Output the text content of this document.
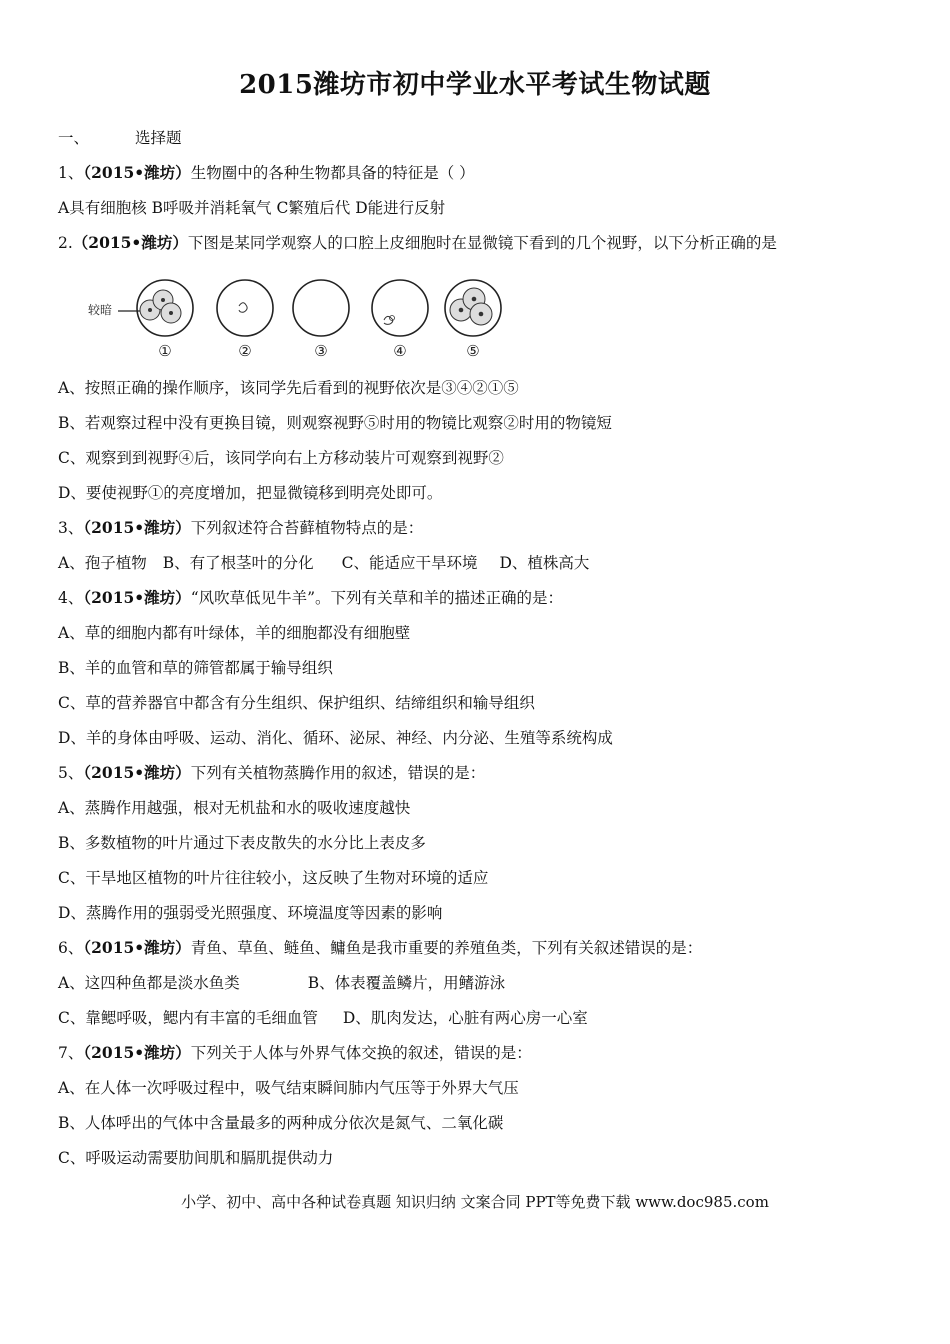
2015潍坊市初中学业水平考试生物试题
一、	选择题
1、（2015•潍坊）生物圈中的各种生物都具备的特征是（ ）
A具有细胞核 B呼吸并消耗氧气 C繁殖后代 D能进行反射
2.（2015•潍坊）下图是某同学观察人的口腔上皮细胞时在显微镜下看到的几个视野，以下分析正确的是
较暗
①	②	③	④	⑤
A、按照正确的操作顺序，该同学先后看到的视野依次是③④②①⑤
B、若观察过程中没有更换目镜，则观察视野⑤时用的物镜比观察②时用的物镜短
C、观察到到视野④后，该同学向右上方移动装片可观察到视野②
D、要使视野①的亮度增加，把显微镜移到明亮处即可。
3、（2015•潍坊）下列叙述符合苔藓植物特点的是：
A、孢子植物 B、有了根茎叶的分化 C、能适应干旱环境 D、植株高大
4、（2015•潍坊）“风吹草低见牛羊”。下列有关草和羊的描述正确的是：
A、草的细胞内都有叶绿体，羊的细胞都没有细胞壁
B、羊的血管和草的筛管都属于输导组织
C、草的营养器官中都含有分生组织、保护组织、结缔组织和输导组织
D、羊的身体由呼吸、运动、消化、循环、泌尿、神经、内分泌、生殖等系统构成
5、（2015•潍坊）下列有关植物蒸腾作用的叙述，错误的是：
A、蒸腾作用越强，根对无机盐和水的吸收速度越快
B、多数植物的叶片通过下表皮散失的水分比上表皮多
C、干旱地区植物的叶片往往较小，这反映了生物对环境的适应
D、蒸腾作用的强弱受光照强度、环境温度等因素的影响
6、（2015•潍坊）青鱼、草鱼、鲢鱼、鳙鱼是我市重要的养殖鱼类，下列有关叙述错误的是：
A、这四种鱼都是淡水鱼类	B、体表覆盖鳞片，用鳍游泳
C、靠鳃呼吸，鳃内有丰富的毛细血管 D、肌肉发达，心脏有两心房一心室
7、（2015•潍坊）下列关于人体与外界气体交换的叙述，错误的是：
A、在人体一次呼吸过程中，吸气结束瞬间肺内气压等于外界大气压
B、人体呼出的气体中含量最多的两种成分依次是氮气、二氧化碳
C、呼吸运动需要肋间肌和膈肌提供动力
小学、初中、高中各种试卷真题 知识归纳 文案合同 PPT等免费下载 www.doc985.com
